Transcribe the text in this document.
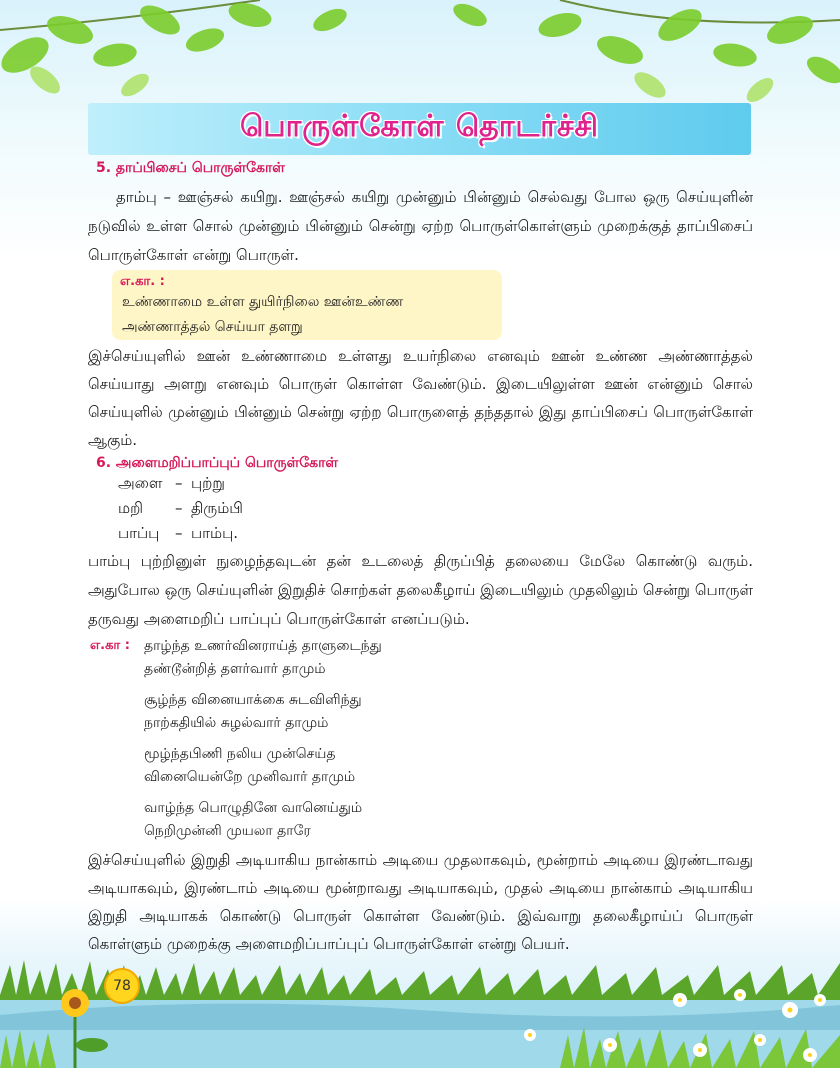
பொருள்கோள் தொடர்ச்சி
5. தாப்பிசைப் பொருள்கோள்
தாம்பு – ஊஞ்சல் கயிறு. ஊஞ்சல் கயிறு முன்னும் பின்னும் செல்வது போல ஒரு செய்யுளின் நடுவில் உள்ள சொல் முன்னும் பின்னும் சென்று ஏற்ற பொருள்கொள்ளும் முறைக்குத் தாப்பிசைப் பொருள்கோள் என்று பொருள்.
எ.கா. :
உண்ணாமை உள்ள துயிர்நிலை ஊன்உண்ண
அண்ணாத்தல் செய்யா தளறு
இச்செய்யுளில் ஊன் உண்ணாமை உள்ளது உயர்நிலை எனவும் ஊன் உண்ண அண்ணாத்தல் செய்யாது அளறு எனவும் பொருள் கொள்ள வேண்டும். இடையிலுள்ள ஊன் என்னும் சொல் செய்யுளில் முன்னும் பின்னும் சென்று ஏற்ற பொருளைத் தந்ததால் இது தாப்பிசைப் பொருள்கோள் ஆகும்.
6. அளைமறிப்பாப்புப் பொருள்கோள்
அளை – புற்று
மறி – திரும்பி
பாப்பு – பாம்பு.
பாம்பு புற்றினுள் நுழைந்தவுடன் தன் உடலைத் திருப்பித் தலையை மேலே கொண்டு வரும். அதுபோல ஒரு செய்யுளின் இறுதிச் சொற்கள் தலைகீழாய் இடையிலும் முதலிலும் சென்று பொருள் தருவது அளைமறிப் பாப்புப் பொருள்கோள் எனப்படும்.
எ.கா : தாழ்ந்த உணர்வினராய்த் தாளுடைந்து
தண்டூன்றித் தளர்வார் தாமும்
சூழ்ந்த வினையாக்கை சுடவிளிந்து
நாற்கதியில் சுழல்வார் தாமும்
மூழ்ந்தபிணி நலிய முன்செய்த
வினையென்றே முனிவார் தாமும்
வாழ்ந்த பொழுதினே வானெய்தும்
நெறிமுன்னி முயலா தாரே
இச்செய்யுளில் இறுதி அடியாகிய நான்காம் அடியை முதலாகவும், மூன்றாம் அடியை இரண்டாவது அடியாகவும், இரண்டாம் அடியை மூன்றாவது அடியாகவும், முதல் அடியை நான்காம் அடியாகிய இறுதி அடியாகக் கொண்டு பொருள் கொள்ள வேண்டும். இவ்வாறு தலைகீழாய்ப் பொருள் கொள்ளும் முறைக்கு அளைமறிப்பாப்புப் பொருள்கோள் என்று பெயர்.
78
